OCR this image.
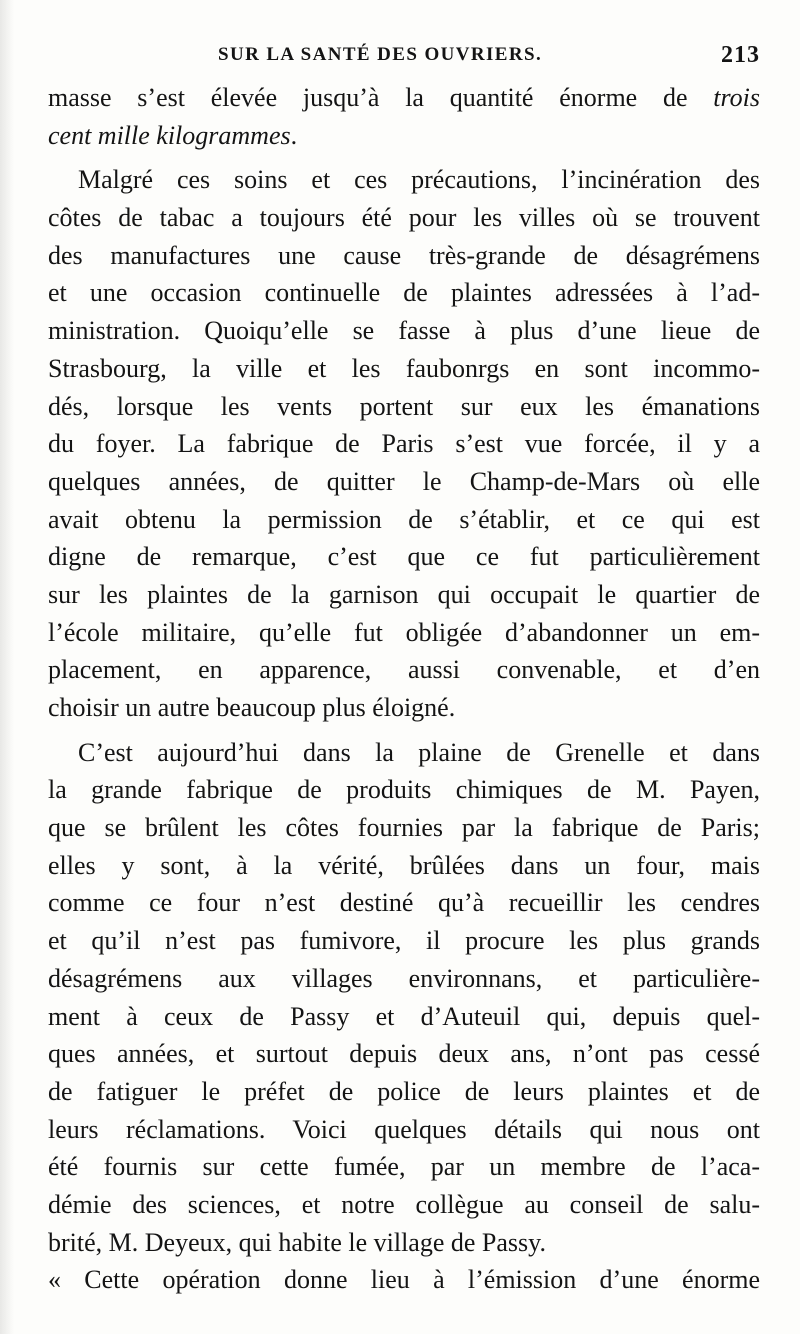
SUR LA SANTÉ DES OUVRIERS.	213
masse s’est élevée jusqu’à la quantité énorme de trois
cent mille kilogrammes.
Malgré ces soins et ces précautions, l’incinération des
côtes de tabac a toujours été pour les villes où se trouvent
des manufactures une cause très-grande de désagrémens
et une occasion continuelle de plaintes adressées à l’ad-
ministration. Quoiqu’elle se fasse à plus d’une lieue de
Strasbourg, la ville et les faubonrgs en sont incommo-
dés, lorsque les vents portent sur eux les émanations
du foyer. La fabrique de Paris s’est vue forcée, il y a
quelques années, de quitter le Champ-de-Mars où elle
avait obtenu la permission de s’établir, et ce qui est
digne de remarque, c’est que ce fut particulièrement
sur les plaintes de la garnison qui occupait le quartier de
l’école militaire, qu’elle fut obligée d’abandonner un em-
placement, en apparence, aussi convenable, et d’en
choisir un autre beaucoup plus éloigné.
C’est aujourd’hui dans la plaine de Grenelle et dans
la grande fabrique de produits chimiques de M. Payen,
que se brûlent les côtes fournies par la fabrique de Paris;
elles y sont, à la vérité, brûlées dans un four, mais
comme ce four n’est destiné qu’à recueillir les cendres
et qu’il n’est pas fumivore, il procure les plus grands
désagrémens aux villages environnans, et particulière-
ment à ceux de Passy et d’Auteuil qui, depuis quel-
ques années, et surtout depuis deux ans, n’ont pas cessé
de fatiguer le préfet de police de leurs plaintes et de
leurs réclamations. Voici quelques détails qui nous ont
été fournis sur cette fumée, par un membre de l’aca-
démie des sciences, et notre collègue au conseil de salu-
brité, M. Deyeux, qui habite le village de Passy.
« Cette opération donne lieu à l’émission d’une énorme
